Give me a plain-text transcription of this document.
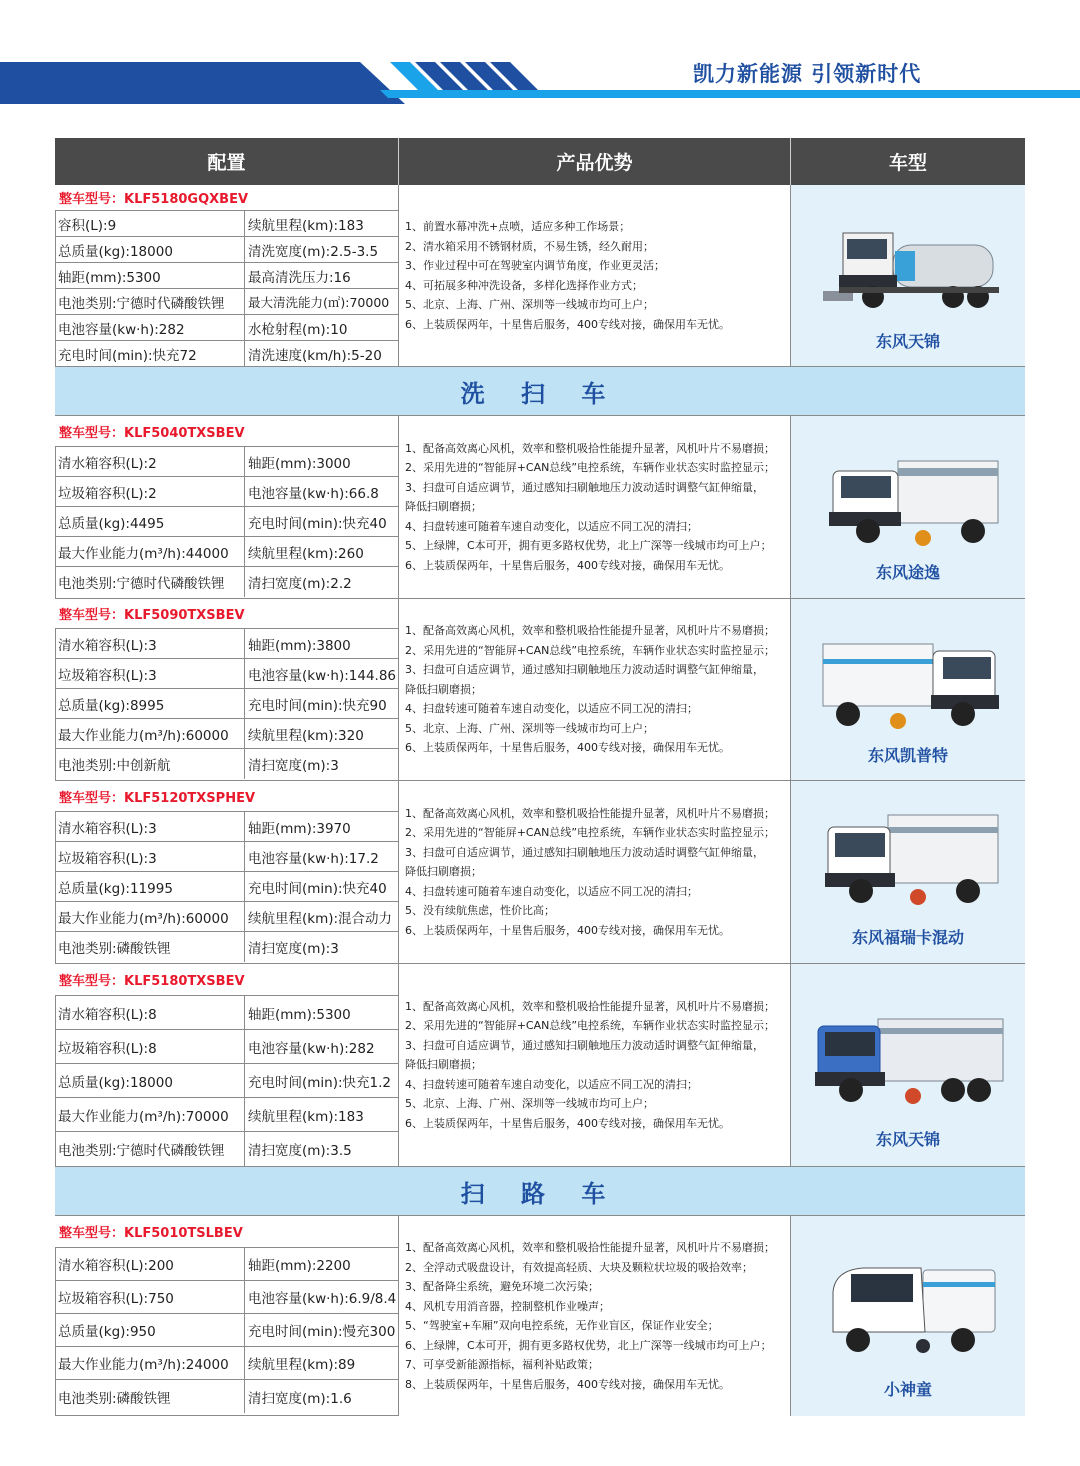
凯力新能源 引领新时代
配置	产品优势	车型
整车型号：KLF5180GQXBEV
容积(L):9	续航里程(km):183
总质量(kg):18000	清洗宽度(m):2.5-3.5
轴距(mm):5300	最高清洗压力:16
电池类别:宁德时代磷酸铁锂	最大清洗能力(㎡):70000
电池容量(kw·h):282	水枪射程(m):10
充电时间(min):快充72	清洗速度(km/h):5-20
1、前置水幕冲洗+点喷，适应多种工作场景；
2、清水箱采用不锈钢材质，不易生锈，经久耐用；
3、作业过程中可在驾驶室内调节角度，作业更灵活；
4、可拓展多种冲洗设备，多样化选择作业方式；
5、北京、上海、广州、深圳等一线城市均可上户；
6、上装质保两年，十星售后服务，400专线对接，确保用车无忧。
东风天锦
洗 扫 车
整车型号：KLF5040TXSBEV
清水箱容积(L):2	轴距(mm):3000
垃圾箱容积(L):2	电池容量(kw·h):66.8
总质量(kg):4495	充电时间(min):快充40
最大作业能力(m³/h):44000	续航里程(km):260
电池类别:宁德时代磷酸铁锂	清扫宽度(m):2.2
1、配备高效离心风机，效率和整机吸拾性能提升显著，风机叶片不易磨损；
2、采用先进的“智能屏+CAN总线”电控系统，车辆作业状态实时监控显示；
3、扫盘可自适应调节，通过感知扫刷触地压力波动适时调整气缸伸缩量，
降低扫刷磨损；
4、扫盘转速可随着车速自动变化，以适应不同工况的清扫；
5、上绿牌，C本可开，拥有更多路权优势，北上广深等一线城市均可上户；
6、上装质保两年，十星售后服务，400专线对接，确保用车无忧。	东风途逸
整车型号：KLF5090TXSBEV
清水箱容积(L):3	轴距(mm):3800
垃圾箱容积(L):3	电池容量(kw·h):144.86
总质量(kg):8995	充电时间(min):快充90
最大作业能力(m³/h):60000	续航里程(km):320
电池类别:中创新航	清扫宽度(m):3
1、配备高效离心风机，效率和整机吸拾性能提升显著，风机叶片不易磨损；
2、采用先进的“智能屏+CAN总线”电控系统，车辆作业状态实时监控显示；
3、扫盘可自适应调节，通过感知扫刷触地压力波动适时调整气缸伸缩量，
降低扫刷磨损；
4、扫盘转速可随着车速自动变化，以适应不同工况的清扫；
5、北京、上海、广州、深圳等一线城市均可上户；
6、上装质保两年，十星售后服务，400专线对接，确保用车无忧。	东风凯普特
整车型号：KLF5120TXSPHEV
清水箱容积(L):3	轴距(mm):3970
垃圾箱容积(L):3	电池容量(kw·h):17.2
总质量(kg):11995	充电时间(min):快充40
最大作业能力(m³/h):60000	续航里程(km):混合动力
电池类别:磷酸铁锂	清扫宽度(m):3
1、配备高效离心风机，效率和整机吸拾性能提升显著，风机叶片不易磨损；
2、采用先进的“智能屏+CAN总线”电控系统，车辆作业状态实时监控显示；
3、扫盘可自适应调节，通过感知扫刷触地压力波动适时调整气缸伸缩量，
降低扫刷磨损；
4、扫盘转速可随着车速自动变化，以适应不同工况的清扫；
5、没有续航焦虑，性价比高；
6、上装质保两年，十星售后服务，400专线对接，确保用车无忧。	东风福瑞卡混动
整车型号：KLF5180TXSBEV
清水箱容积(L):8	轴距(mm):5300
垃圾箱容积(L):8	电池容量(kw·h):282
总质量(kg):18000	充电时间(min):快充1.2
最大作业能力(m³/h):70000	续航里程(km):183
电池类别:宁德时代磷酸铁锂	清扫宽度(m):3.5
1、配备高效离心风机，效率和整机吸拾性能提升显著，风机叶片不易磨损；
2、采用先进的“智能屏+CAN总线”电控系统，车辆作业状态实时监控显示；
3、扫盘可自适应调节，通过感知扫刷触地压力波动适时调整气缸伸缩量，
降低扫刷磨损；
4、扫盘转速可随着车速自动变化，以适应不同工况的清扫；
5、北京、上海、广州、深圳等一线城市均可上户；
6、上装质保两年，十星售后服务，400专线对接，确保用车无忧。
东风天锦
扫 路 车
整车型号：KLF5010TSLBEV
清水箱容积(L):200	轴距(mm):2200
垃圾箱容积(L):750	电池容量(kw·h):6.9/8.4
总质量(kg):950	充电时间(min):慢充300
最大作业能力(m³/h):24000	续航里程(km):89
电池类别:磷酸铁锂	清扫宽度(m):1.6
1、配备高效离心风机，效率和整机吸拾性能提升显著，风机叶片不易磨损；
2、全浮动式吸盘设计，有效提高轻质、大块及颗粒状垃圾的吸拾效率；
3、配备降尘系统，避免环境二次污染；
4、风机专用消音器，控制整机作业噪声；
5、“驾驶室+车厢”双向电控系统，无作业盲区，保证作业安全；
6、上绿牌，C本可开，拥有更多路权优势，北上广深等一线城市均可上户；
7、可享受新能源指标，福利补贴政策；
8、上装质保两年，十星售后服务，400专线对接，确保用车无忧。	小神童
